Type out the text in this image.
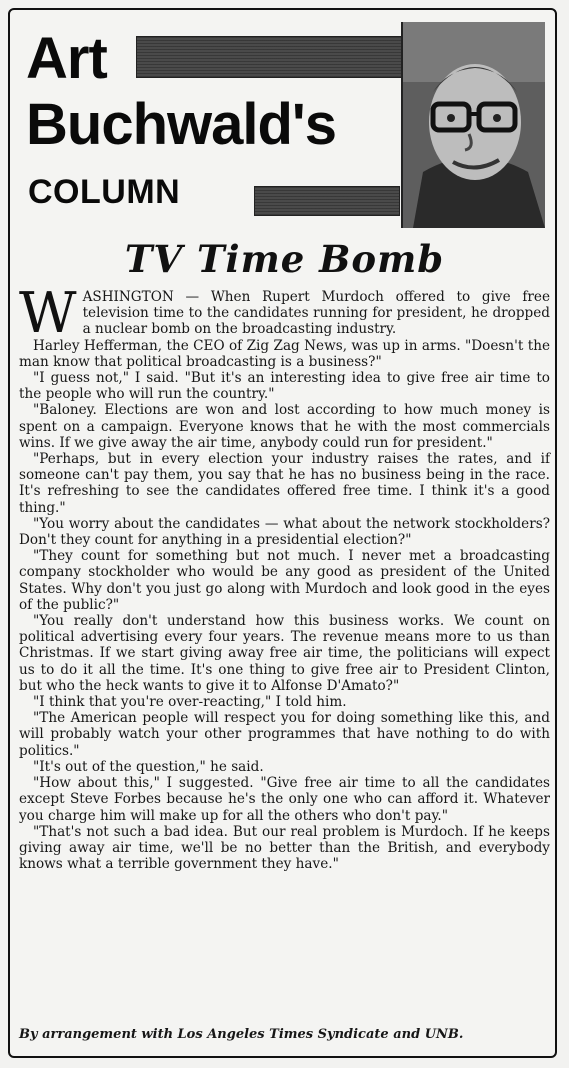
Art
Buchwald's
COLUMN
TV Time Bomb

WASHINGTON — When Rupert Murdoch offered to give free television time to the candidates running for president, he dropped a nuclear bomb on the broadcasting industry.

Harley Hefferman, the CEO of Zig Zag News, was up in arms. "Doesn't the man know that political broadcasting is a business?"

"I guess not," I said. "But it's an interesting idea to give free air time to the people who will run the country."

"Baloney. Elections are won and lost according to how much money is spent on a campaign. Everyone knows that he with the most commercials wins. If we give away the air time, anybody could run for president."

"Perhaps, but in every election your industry raises the rates, and if someone can't pay them, you say that he has no business being in the race. It's refreshing to see the candidates offered free time. I think it's a good thing."

"You worry about the candidates — what about the network stockholders? Don't they count for anything in a presidential election?"

"They count for something but not much. I never met a broadcasting company stockholder who would be any good as president of the United States. Why don't you just go along with Murdoch and look good in the eyes of the public?"

"You really don't understand how this business works. We count on political advertising every four years. The revenue means more to us than Christmas. If we start giving away free air time, the politicians will expect us to do it all the time. It's one thing to give free air to President Clinton, but who the heck wants to give it to Alfonse D'Amato?"

"I think that you're over-reacting," I told him.

"The American people will respect you for doing something like this, and will probably watch your other programmes that have nothing to do with politics."

"It's out of the question," he said.

"How about this," I suggested. "Give free air time to all the candidates except Steve Forbes because he's the only one who can afford it. Whatever you charge him will make up for all the others who don't pay."

"That's not such a bad idea. But our real problem is Murdoch. If he keeps giving away air time, we'll be no better than the British, and everybody knows what a terrible government they have."

By arrangement with Los Angeles Times Syndicate and UNB.
